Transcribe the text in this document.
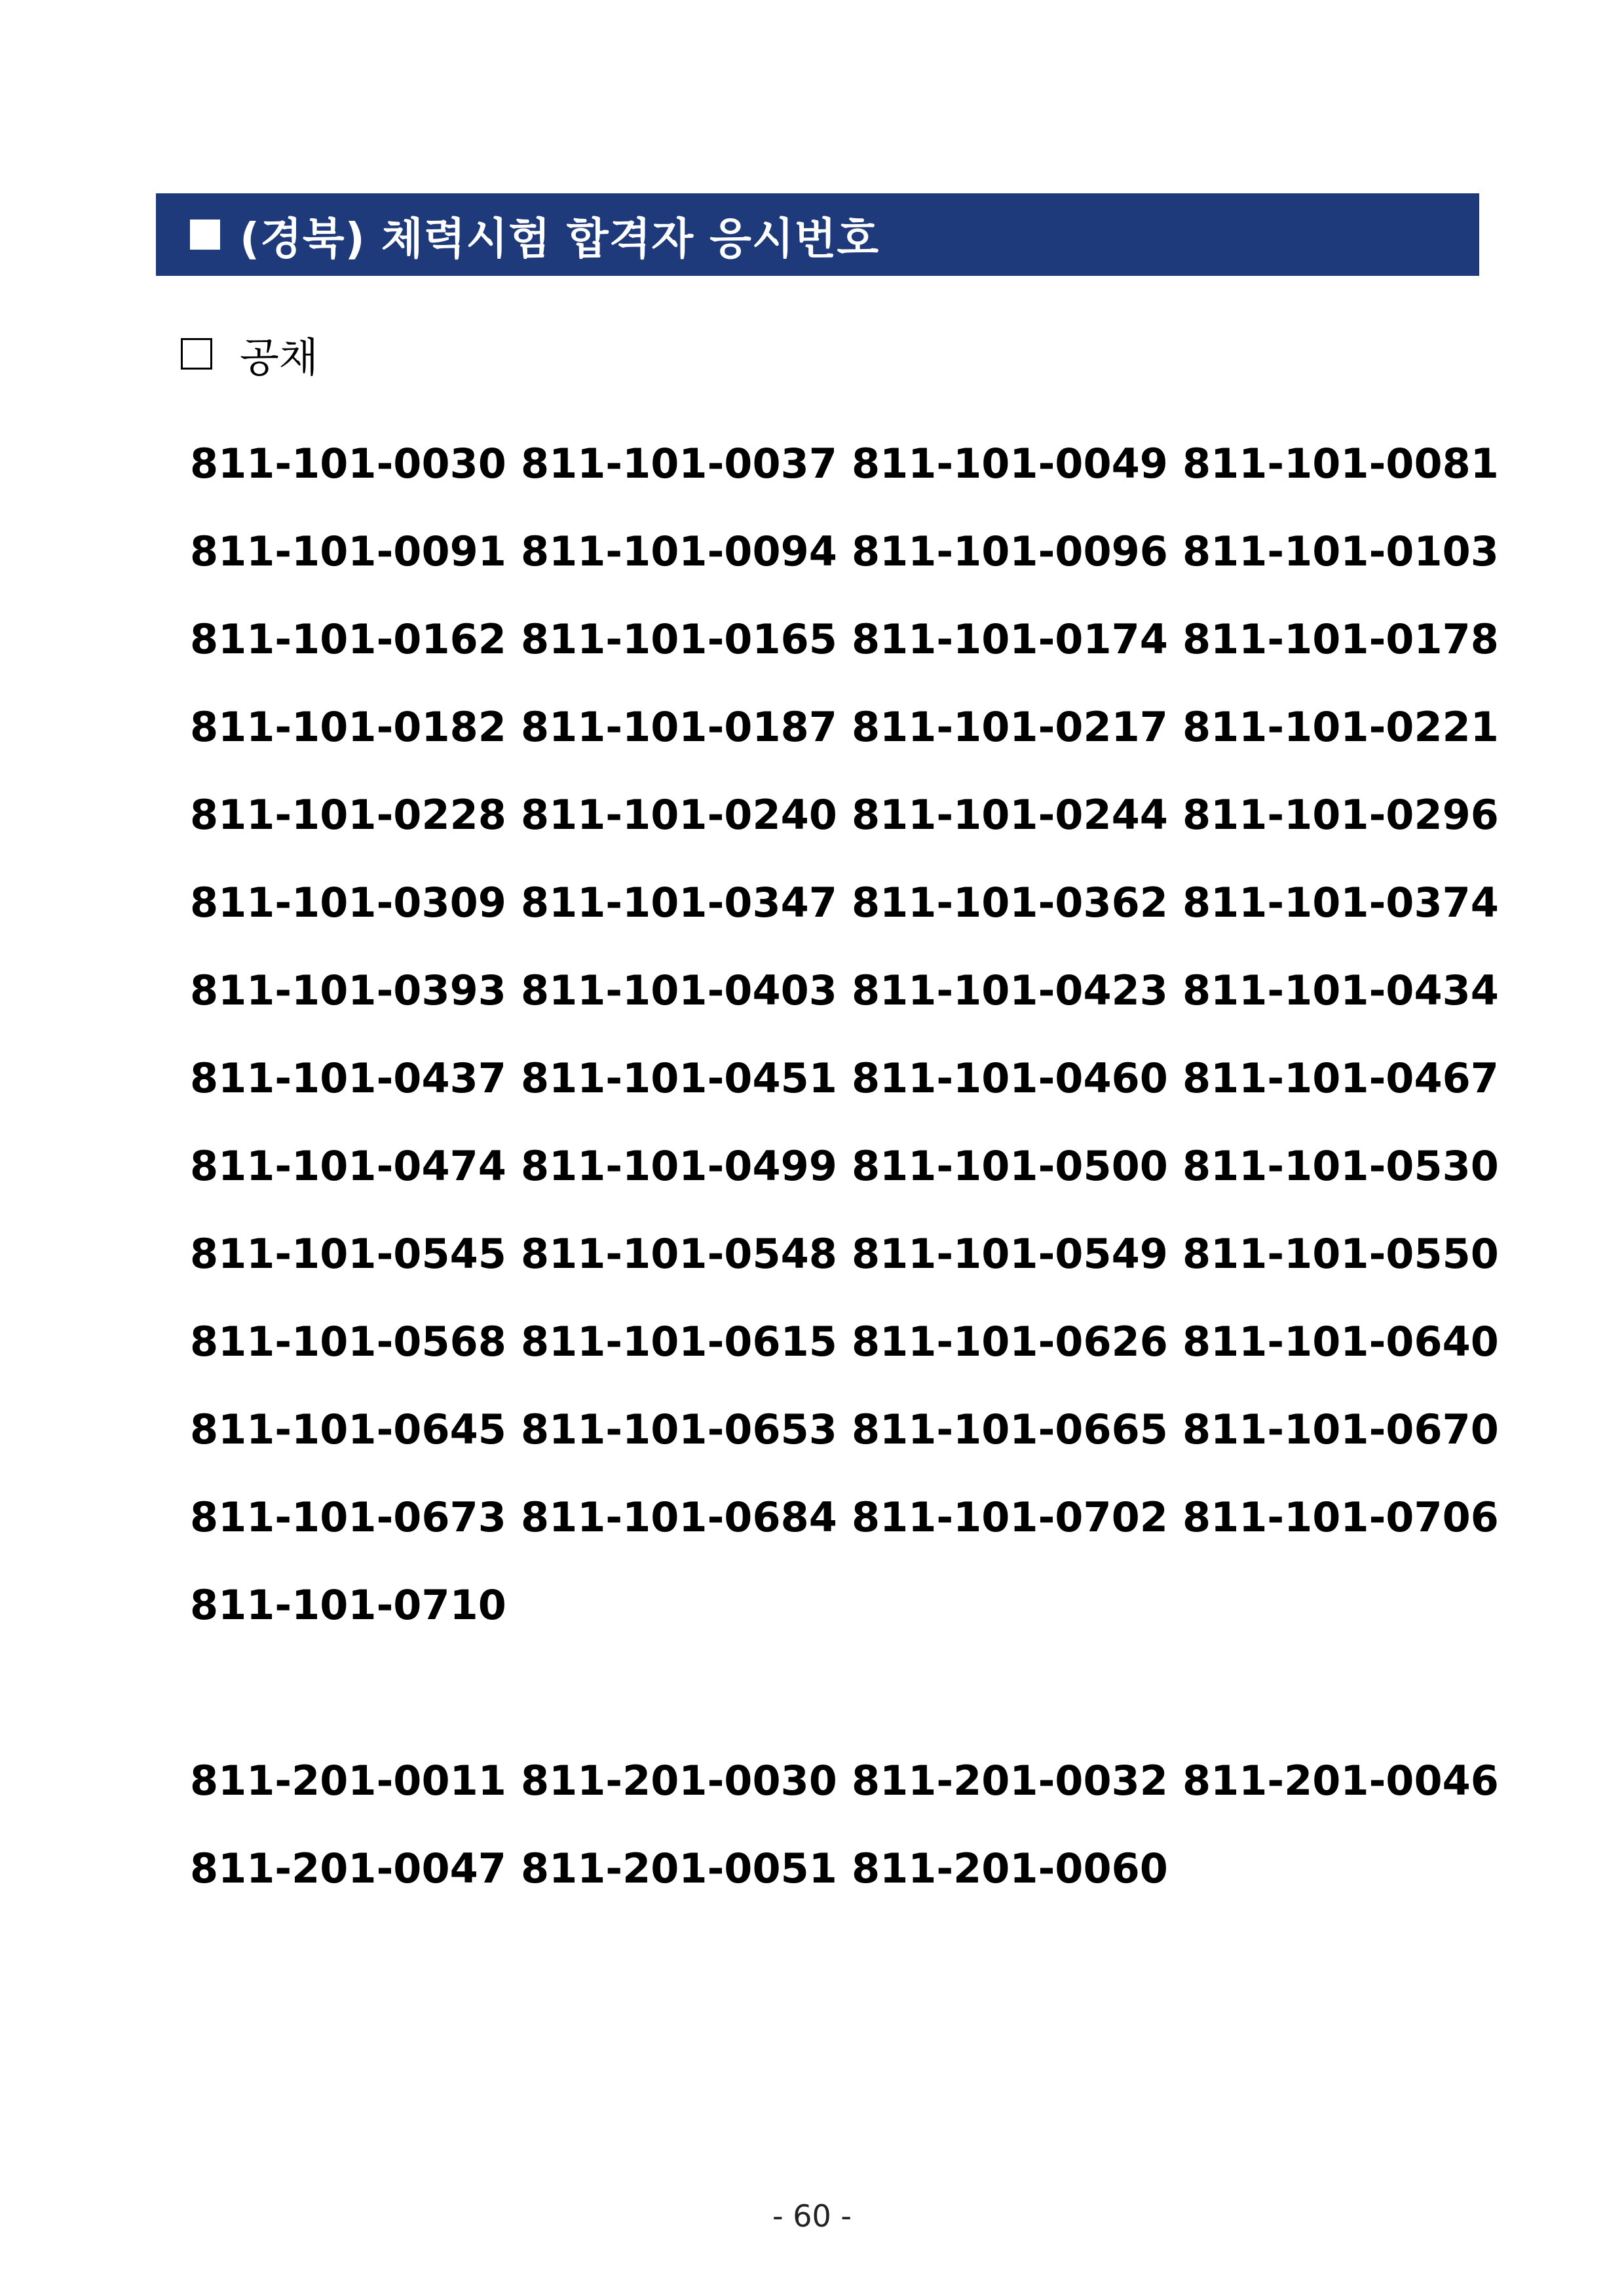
(경북) 체력시험 합격자 응시번호
공채
811-101-0030 811-101-0037 811-101-0049 811-101-0081
811-101-0091 811-101-0094 811-101-0096 811-101-0103
811-101-0162 811-101-0165 811-101-0174 811-101-0178
811-101-0182 811-101-0187 811-101-0217 811-101-0221
811-101-0228 811-101-0240 811-101-0244 811-101-0296
811-101-0309 811-101-0347 811-101-0362 811-101-0374
811-101-0393 811-101-0403 811-101-0423 811-101-0434
811-101-0437 811-101-0451 811-101-0460 811-101-0467
811-101-0474 811-101-0499 811-101-0500 811-101-0530
811-101-0545 811-101-0548 811-101-0549 811-101-0550
811-101-0568 811-101-0615 811-101-0626 811-101-0640
811-101-0645 811-101-0653 811-101-0665 811-101-0670
811-101-0673 811-101-0684 811-101-0702 811-101-0706
811-101-0710
811-201-0011 811-201-0030 811-201-0032 811-201-0046
811-201-0047 811-201-0051 811-201-0060
- 60 -
